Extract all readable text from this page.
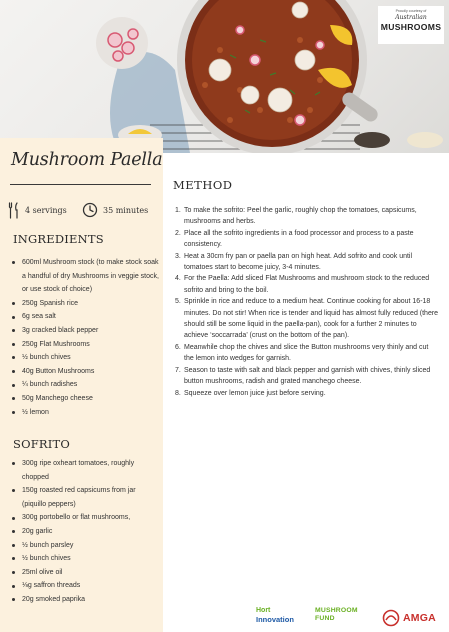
Proudly courtesy of
Australian
MUSHROOMS
Mushroom Paella
4 servings	35 minutes
INGREDIENTS
600ml Mushroom stock (to make stock soak a handful of dry Mushrooms in veggie stock, or use stock of choice)
250g Spanish rice
6g sea salt
3g cracked black pepper
250g Flat Mushrooms
½ bunch chives
40g Button Mushrooms
¼ bunch radishes
50g Manchego cheese
½ lemon
SOFRITO
300g ripe oxheart tomatoes, roughly chopped
150g roasted red capsicums from jar (piquillo peppers)
300g portobello or flat mushrooms,
20g garlic
½ bunch parsley
½ bunch chives
25ml olive oil
⅛g saffron threads
20g smoked paprika
METHOD
1. To make the sofrito: Peel the garlic, roughly chop the tomatoes, capsicums, mushrooms and herbs.
2. Place all the sofrito ingredients in a food processor and process to a paste consistency.
3. Heat a 30cm fry pan or paella pan on high heat. Add sofrito and cook until tomatoes start to become juicy, 3-4 minutes.
4. For the Paella: Add sliced Flat Mushrooms and mushroom stock to the reduced sofrito and bring to the boil.
5. Sprinkle in rice and reduce to a medium heat. Continue cooking for about 16-18 minutes. Do not stir! When rice is tender and liquid has almost fully reduced (there should still be some liquid in the paella-pan), cook for a further 2 minutes to achieve ‘soccarrada’ (crust on the bottom of the pan).
6. Meanwhile chop the chives and slice the Button mushrooms very thinly and cut the lemon into wedges for garnish.
7. Season to taste with salt and black pepper and garnish with chives, thinly sliced button mushrooms, radish and grated manchego cheese.
8. Squeeze over lemon juice just before serving.
Hort
Innovation
MUSHROOM
FUND	AMGA
